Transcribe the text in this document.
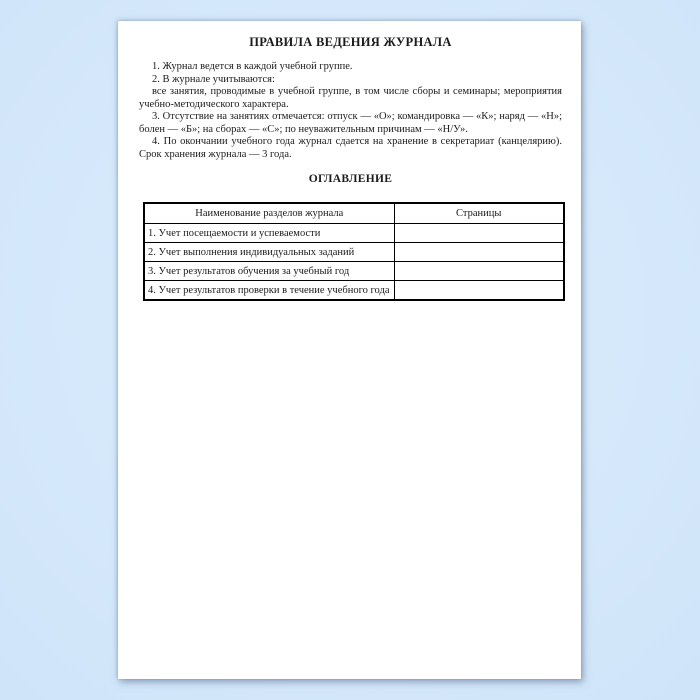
ПРАВИЛА ВЕДЕНИЯ ЖУРНАЛА

1. Журнал ведется в каждой учебной группе.

2. В журнале учитываются:

все занятия, проводимые в учебной группе, в том числе сборы и семинары; мероприятия учебно-методического характера.

3. Отсутствие на занятиях отмечается: отпуск — «О»; командировка — «К»; наряд — «Н»; болен — «Б»; на сборах — «С»; по неуважительным причинам — «Н/У».

4. По окончании учебного года журнал сдается на хранение в секретариат (канцелярию). Срок хранения журнала — 3 года.

ОГЛАВЛЕНИЕ
Наименование разделов журнала	Страницы
1. Учет посещаемости и успеваемости	
2. Учет выполнения индивидуальных заданий	
3. Учет результатов обучения за учебный год	
4. Учет результатов проверки в течение учебного года	
